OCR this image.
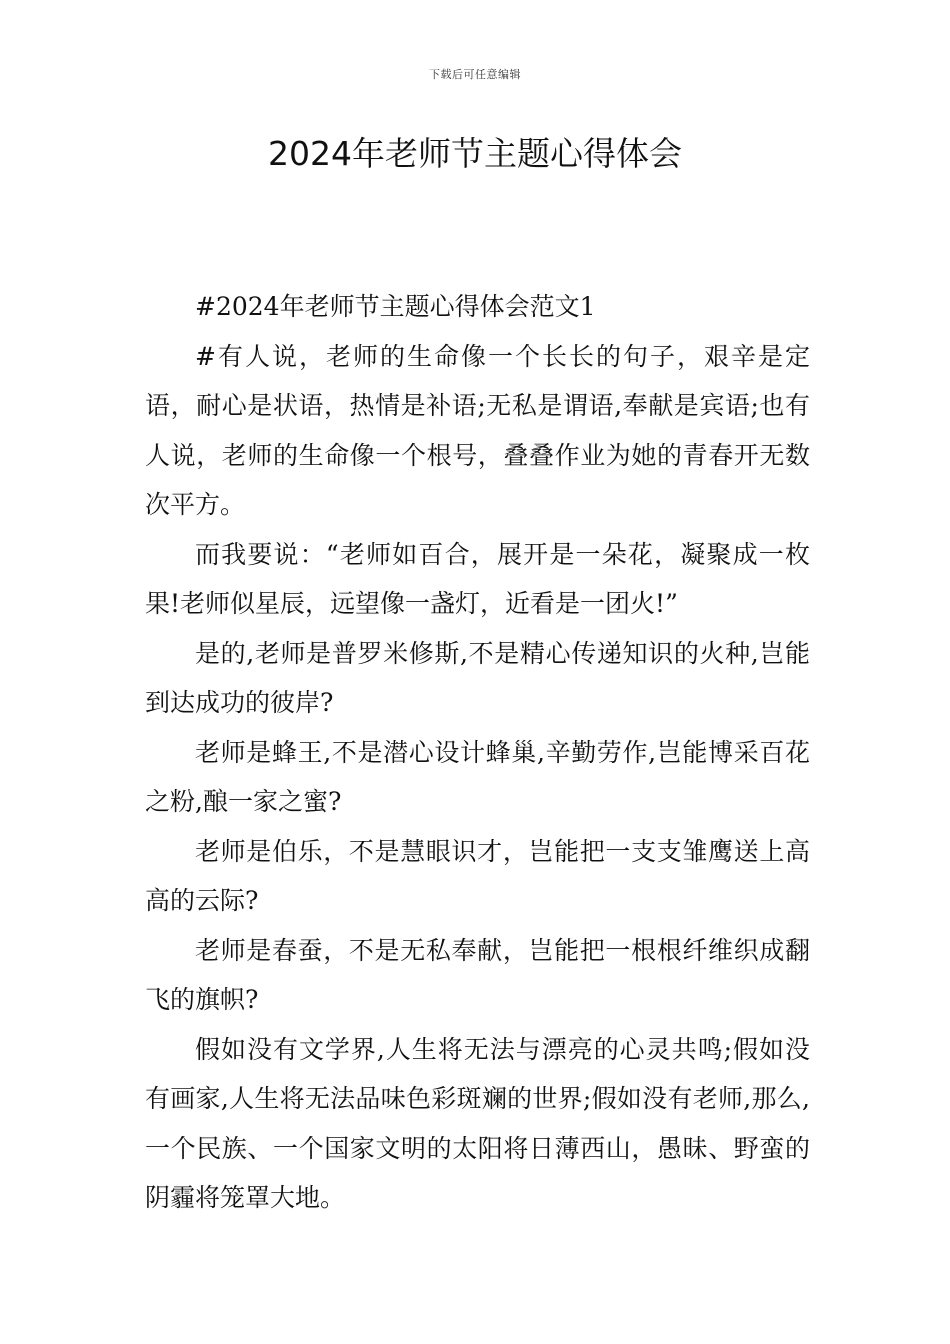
下载后可任意编辑
2024年老师节主题心得体会

#2024年老师节主题心得体会范文1

#有人说，老师的生命像一个长长的句子，艰辛是定语，耐心是状语，热情是补语;无私是谓语,奉献是宾语;也有人说，老师的生命像一个根号，叠叠作业为她的青春开无数次平方。

而我要说：“老师如百合，展开是一朵花，凝聚成一枚果!老师似星辰，远望像一盏灯，近看是一团火!”

是的,老师是普罗米修斯,不是精心传递知识的火种,岂能到达成功的彼岸?

老师是蜂王,不是潜心设计蜂巢,辛勤劳作,岂能博采百花之粉,酿一家之蜜?

老师是伯乐，不是慧眼识才，岂能把一支支雏鹰送上高高的云际?

老师是春蚕，不是无私奉献，岂能把一根根纤维织成翻飞的旗帜?

假如没有文学界,人生将无法与漂亮的心灵共鸣;假如没有画家,人生将无法品味色彩斑斓的世界;假如没有老师,那么,一个民族、一个国家文明的太阳将日薄西山，愚昧、野蛮的阴霾将笼罩大地。
